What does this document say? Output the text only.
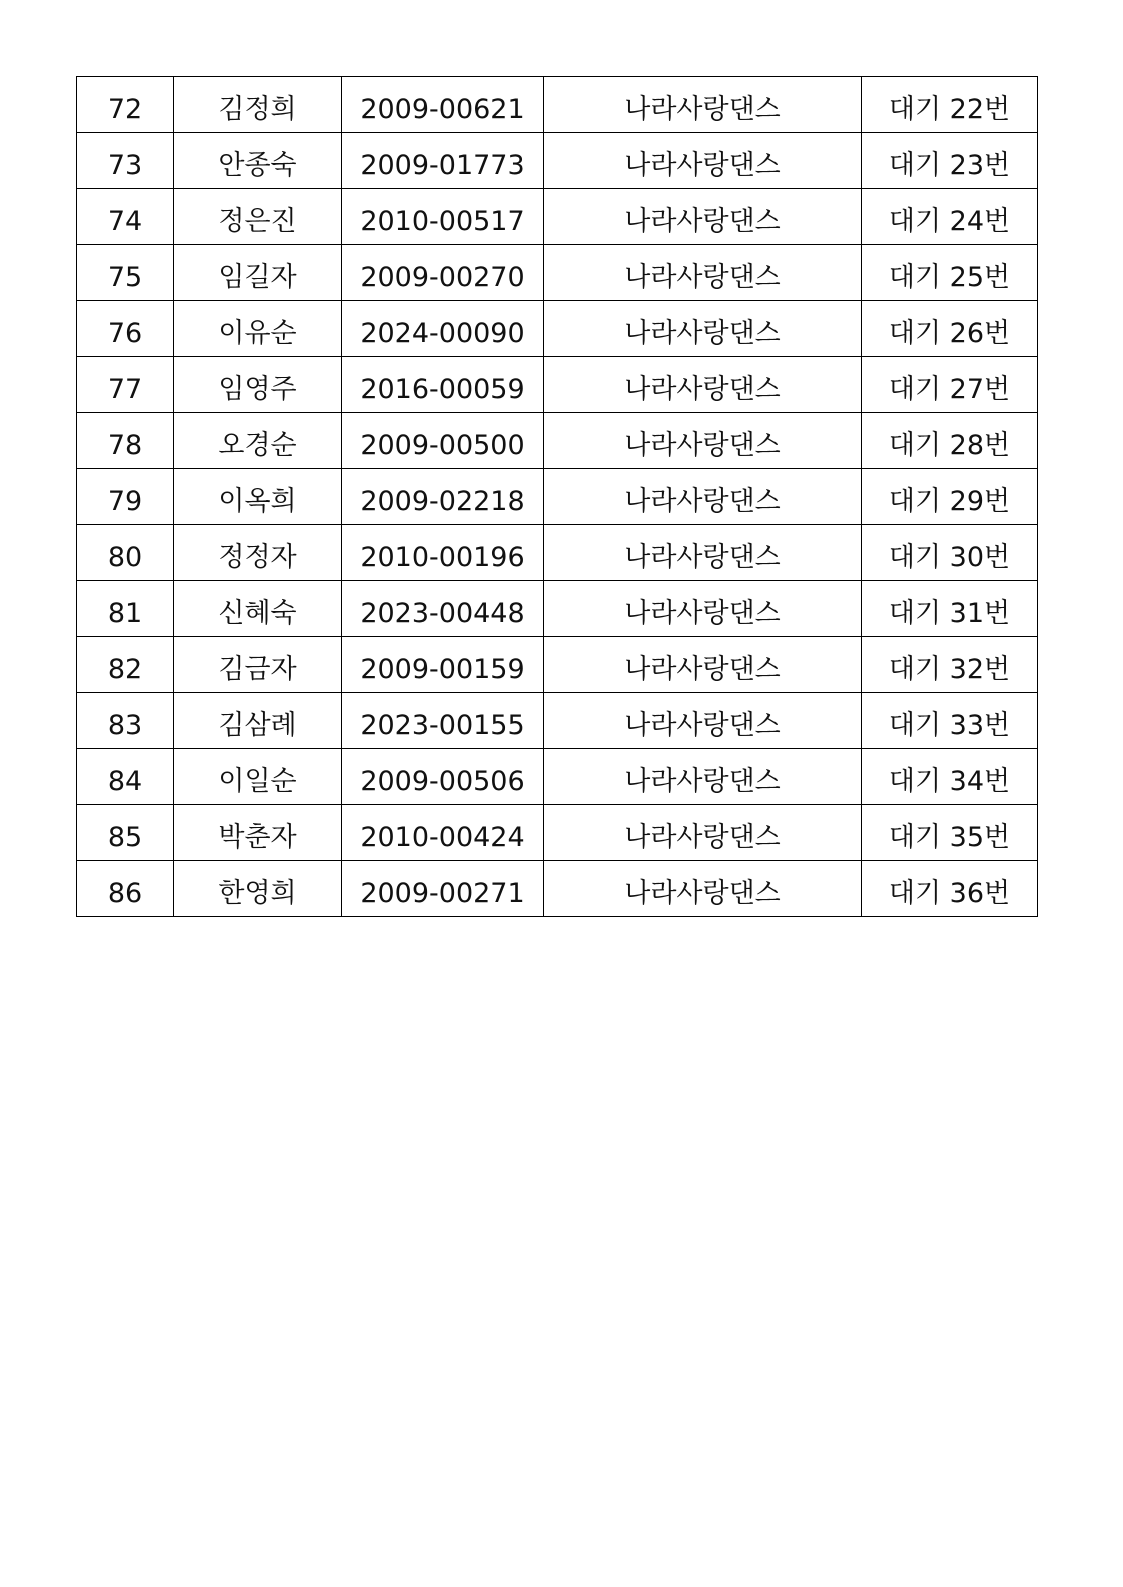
72	김정희	2009-00621	나라사랑댄스	대기 22번
73	안종숙	2009-01773	나라사랑댄스	대기 23번
74	정은진	2010-00517	나라사랑댄스	대기 24번
75	임길자	2009-00270	나라사랑댄스	대기 25번
76	이유순	2024-00090	나라사랑댄스	대기 26번
77	임영주	2016-00059	나라사랑댄스	대기 27번
78	오경순	2009-00500	나라사랑댄스	대기 28번
79	이옥희	2009-02218	나라사랑댄스	대기 29번
80	정정자	2010-00196	나라사랑댄스	대기 30번
81	신혜숙	2023-00448	나라사랑댄스	대기 31번
82	김금자	2009-00159	나라사랑댄스	대기 32번
83	김삼례	2023-00155	나라사랑댄스	대기 33번
84	이일순	2009-00506	나라사랑댄스	대기 34번
85	박춘자	2010-00424	나라사랑댄스	대기 35번
86	한영희	2009-00271	나라사랑댄스	대기 36번
